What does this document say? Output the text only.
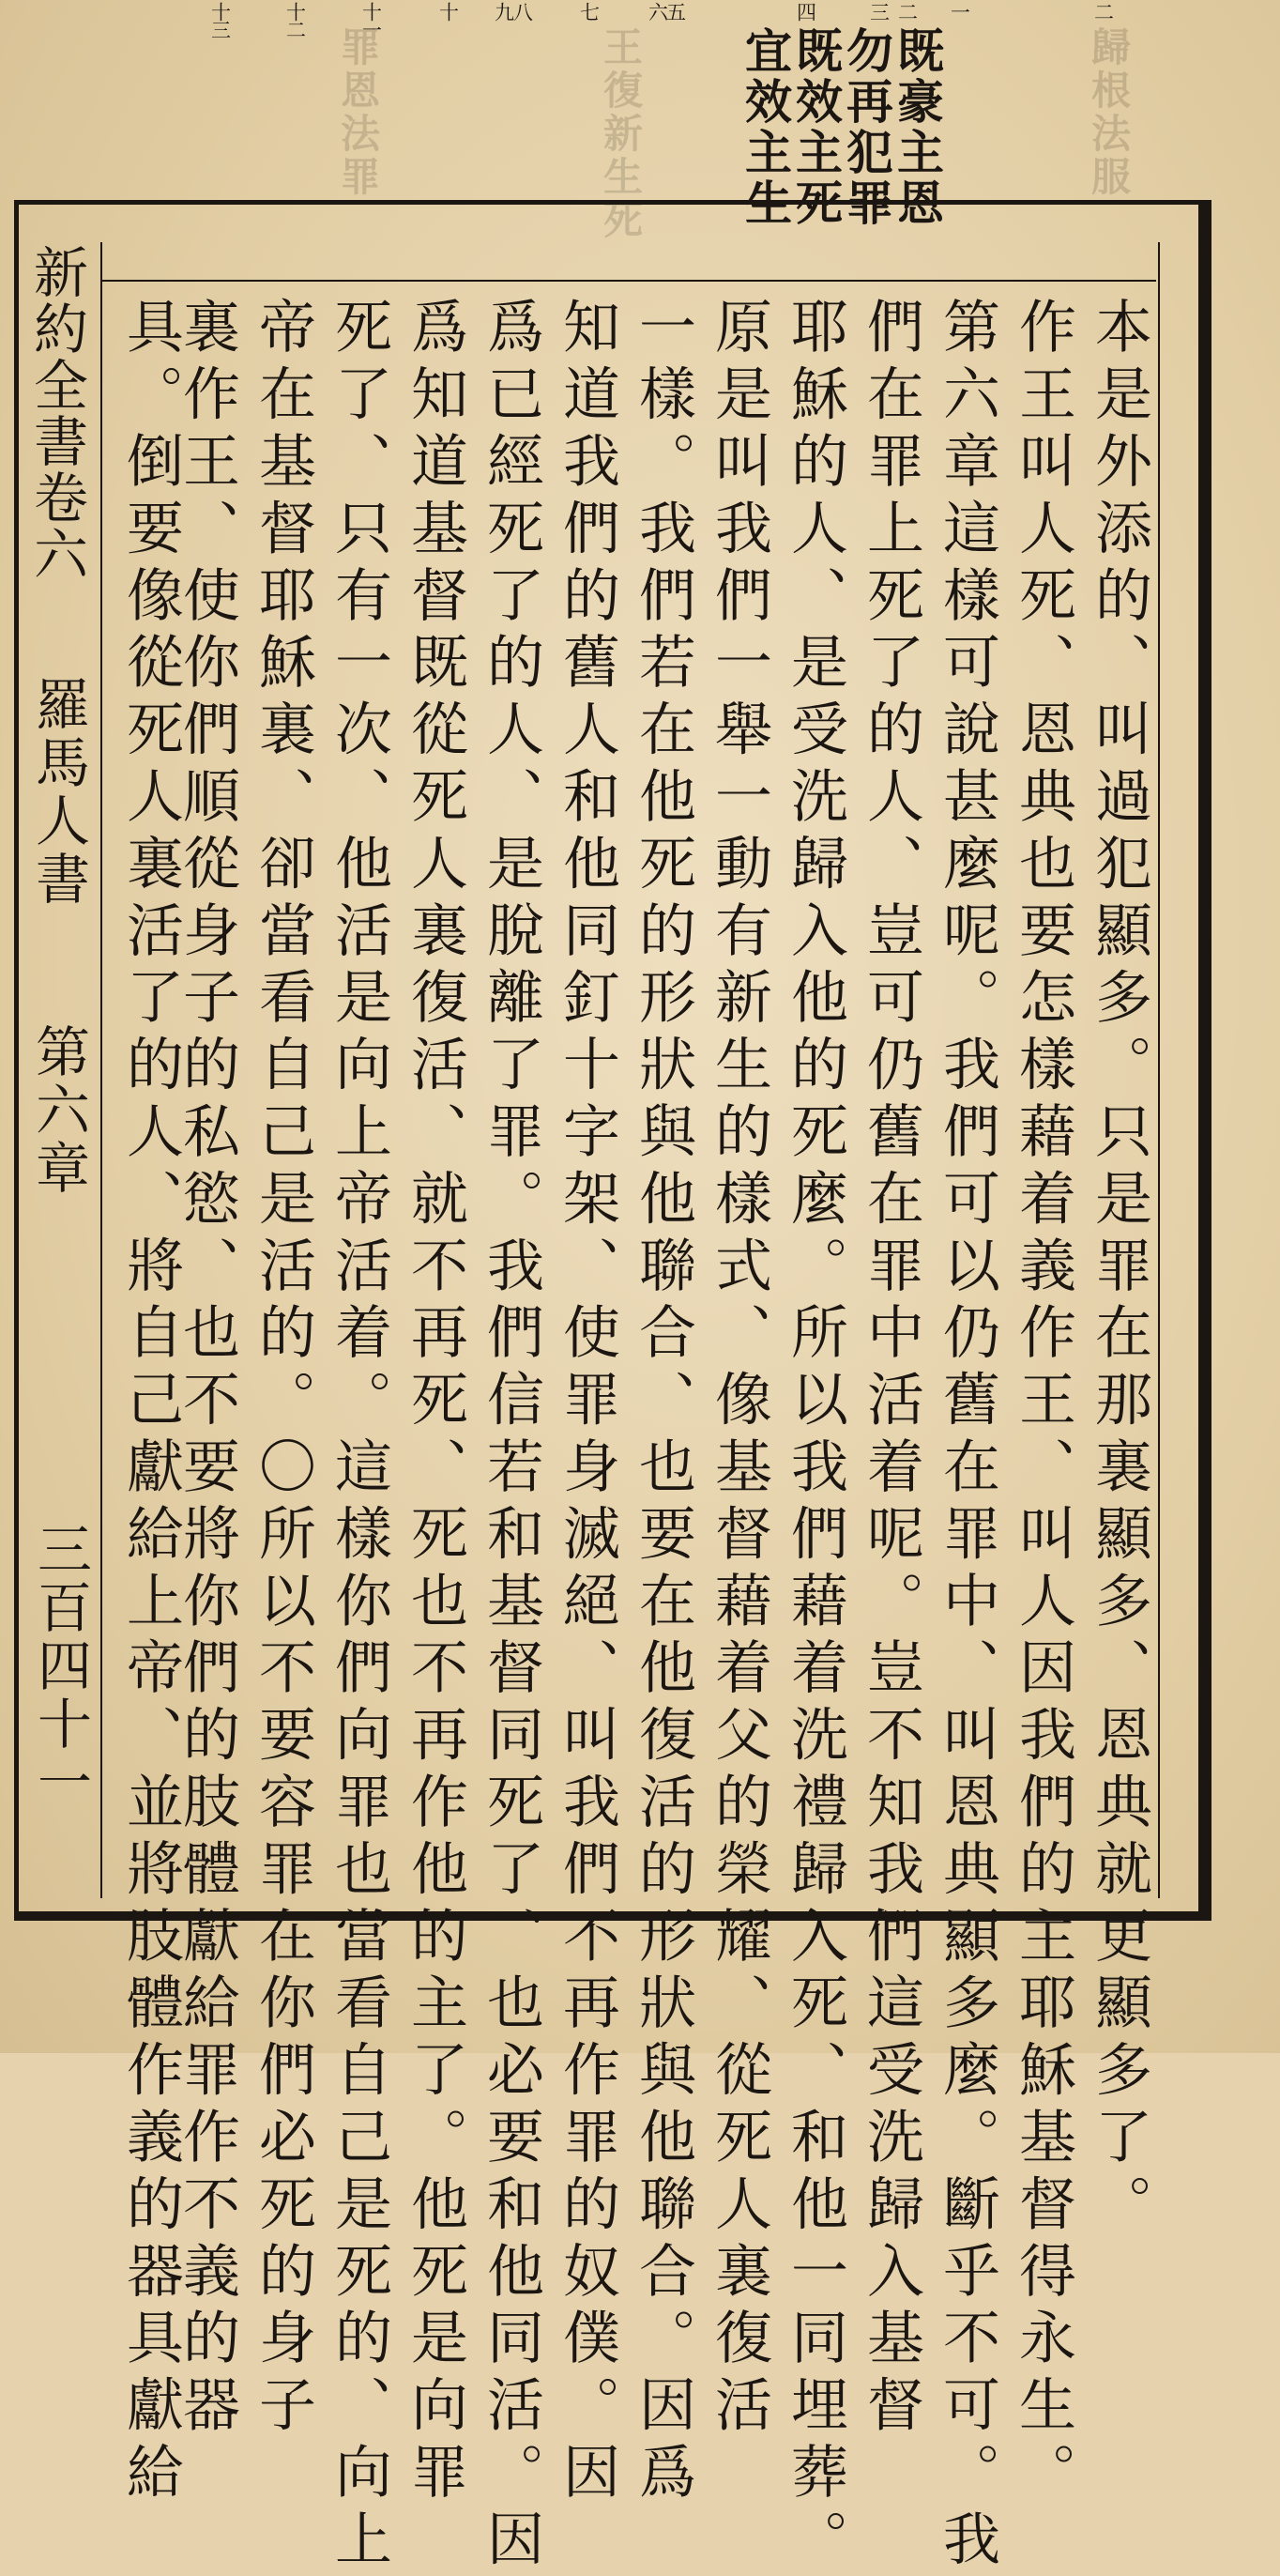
既豪主恩
勿再犯罪
既效主死
宜效主生	歸根法服
王復新生死
罪恩法罪
二
一
二
三
四
五
六
七
八
九
十
十一
十二
十三
本是外添的、叫過犯顯多。只是罪在那裏顯多、恩典就更顯多了。
作王叫人死、恩典也要怎樣藉着義作王、叫人因我們的主耶穌基督得永生。
第六章這樣可說甚麼呢。我們可以仍舊在罪中、叫恩典顯多麼。斷乎不可。我
們在罪上死了的人、豈可仍舊在罪中活着呢。豈不知我們這受洗歸入基督
耶穌的人、是受洗歸入他的死麼。所以我們藉着洗禮歸入死、和他一同埋葬。
原是叫我們一舉一動有新生的樣式、像基督藉着父的榮耀、從死人裏復活
一樣。我們若在他死的形狀與他聯合、也要在他復活的形狀與他聯合。因爲
知道我們的舊人和他同釘十字架、使罪身滅絕、叫我們不再作罪的奴僕。因
爲已經死了的人、是脫離了罪。我們信若和基督同死了、也必要和他同活。因
爲知道基督既從死人裏復活、就不再死、死也不再作他的主了。他死是向罪
死了、只有一次、他活是向上帝活着。這樣你們向罪也當看自己是死的、向上
帝在基督耶穌裏、卻當看自己是活的。〇所以不要容罪在你們必死的身子
裏作王、使你們順從身子的私慾、也不要將你們的肢體獻給罪作不義的器
具。倒要像從死人裏活了的人、將自己獻給上帝、並將肢體作義的器具獻給
新約全書卷六
羅馬人書
第六章
三百四十一
